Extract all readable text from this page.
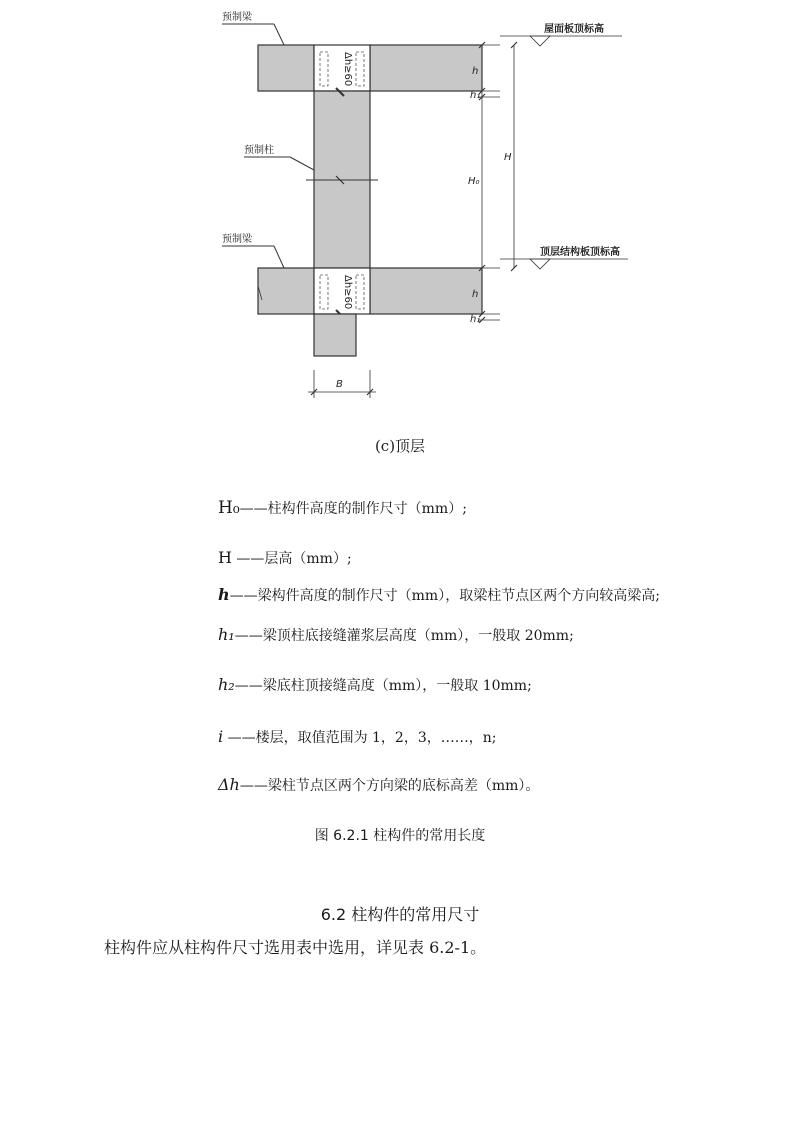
预制梁
预制柱
预制梁
Δh≥60
Δh≥60
B
h
h₁
H₀
h
h₁
H
屋面板顶标高
顶层结构板顶标高
(c)顶层
H₀——柱构件高度的制作尺寸（mm）;
H ——层高（mm）;
h——梁构件高度的制作尺寸（mm），取梁柱节点区两个方向较高梁高;
h₁——梁顶柱底接缝灌浆层高度（mm），一般取 20mm;
h₂——梁底柱顶接缝高度（mm），一般取 10mm;
i ——楼层，取值范围为 1，2，3，……，n;
Δh——梁柱节点区两个方向梁的底标高差（mm）。
图 6.2.1 柱构件的常用长度
6.2 柱构件的常用尺寸
柱构件应从柱构件尺寸选用表中选用，详见表 6.2-1。
